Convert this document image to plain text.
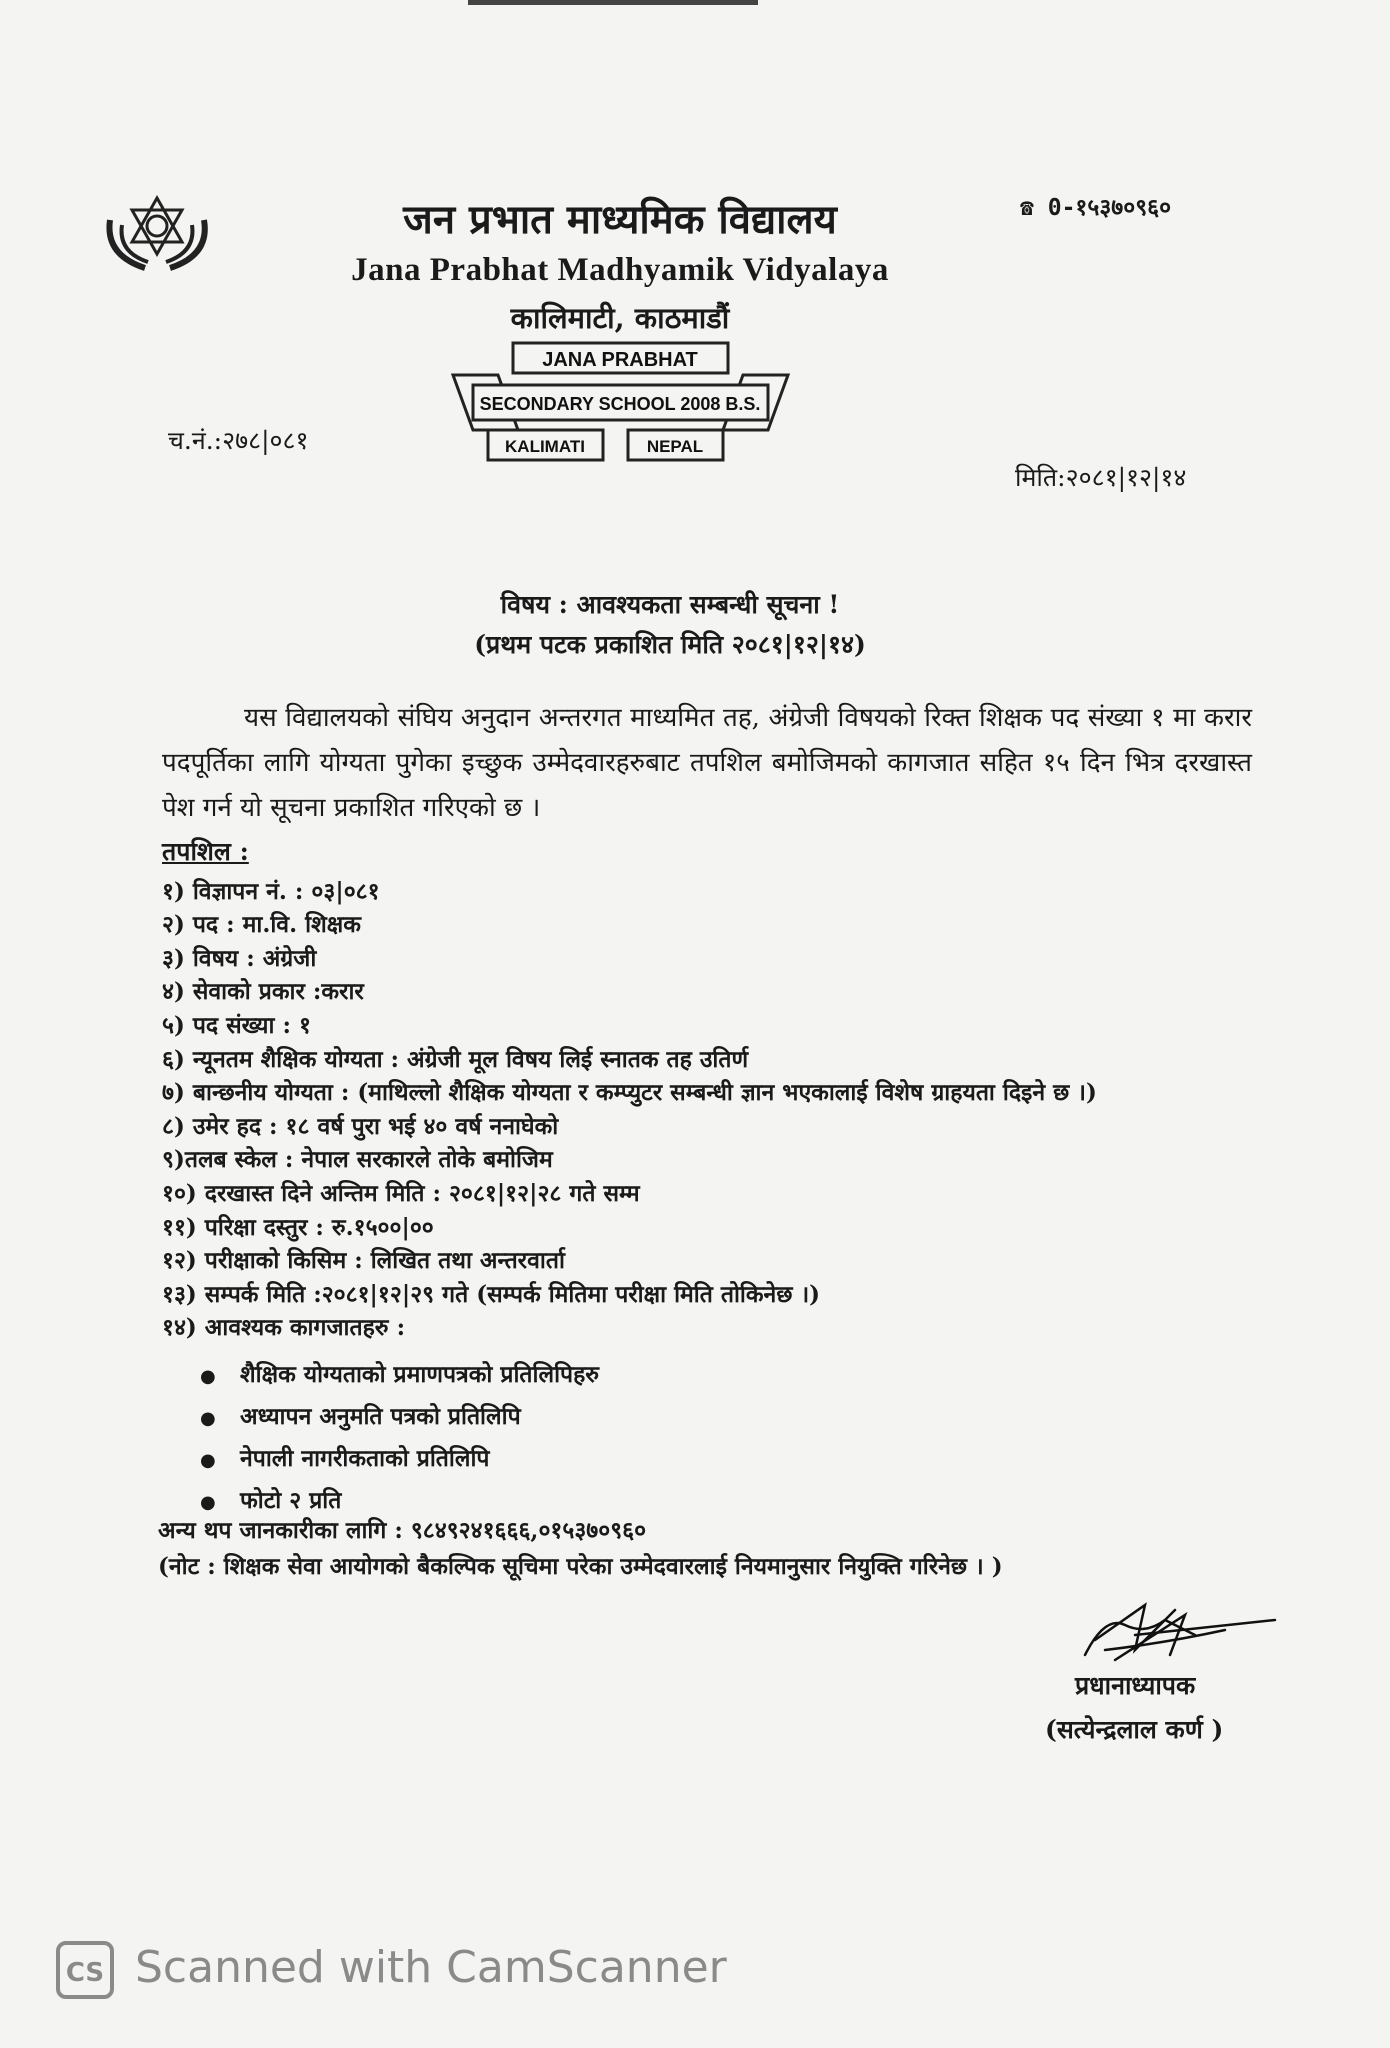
जन प्रभात माध्यमिक विद्यालय
Jana Prabhat Madhyamik Vidyalaya
कालिमाटी, काठमाडौं
☎ 0-१५३७०९६०
JANA PRABHAT
SECONDARY SCHOOL 2008 B.S.
KALIMATI	NEPAL
च.नं.:२७८|०८१
मिति:२०८१|१२|१४
विषय : आवश्यकता सम्बन्धी सूचना !
(प्रथम पटक प्रकाशित मिति २०८१|१२|१४)
यस विद्यालयको संघिय अनुदान अन्तरगत माध्यमित तह, अंग्रेजी विषयको रिक्त शिक्षक पद संख्या १ मा करार पदपूर्तिका लागि योग्यता पुगेका इच्छुक उम्मेदवारहरुबाट तपशिल बमोजिमको कागजात सहित १५ दिन भित्र दरखास्त पेश गर्न यो सूचना प्रकाशित गरिएको छ ।
तपशिल :
१) विज्ञापन नं. : ०३|०८१
२) पद : मा.वि. शिक्षक
३) विषय : अंग्रेजी
४) सेवाको प्रकार :करार
५) पद संख्या : १
६) न्यूनतम शैक्षिक योग्यता : अंग्रेजी मूल विषय लिई स्नातक तह उतिर्ण
७) बान्छनीय योग्यता : (माथिल्लो शैक्षिक योग्यता र कम्प्युटर सम्बन्धी ज्ञान भएकालाई विशेष ग्राहयता दिइने छ ।)
८) उमेर हद : १८ वर्ष पुरा भई ४० वर्ष ननाघेको
९)तलब स्केल : नेपाल सरकारले तोके बमोजिम
१०) दरखास्त दिने अन्तिम मिति : २०८१|१२|२८ गते सम्म
११) परिक्षा दस्तुर : रु.१५००|००
१२) परीक्षाको किसिम : लिखित तथा अन्तरवार्ता
१३) सम्पर्क मिति :२०८१|१२|२९ गते (सम्पर्क मितिमा परीक्षा मिति तोकिनेछ ।)
१४) आवश्यक कागजातहरु :
● शैक्षिक योग्यताको प्रमाणपत्रको प्रतिलिपिहरु
● अध्यापन अनुमति पत्रको प्रतिलिपि
● नेपाली नागरीकताको प्रतिलिपि
● फोटो २ प्रति
अन्य थप जानकारीका लागि : ९८४९२४१६६६,०१५३७०९६०
(नोट : शिक्षक सेवा आयोगको बैकल्पिक सूचिमा परेका उम्मेदवारलाई नियमानुसार नियुक्ति गरिनेछ । )
प्रधानाध्यापक
(सत्येन्द्रलाल कर्ण )
CS Scanned with CamScanner
